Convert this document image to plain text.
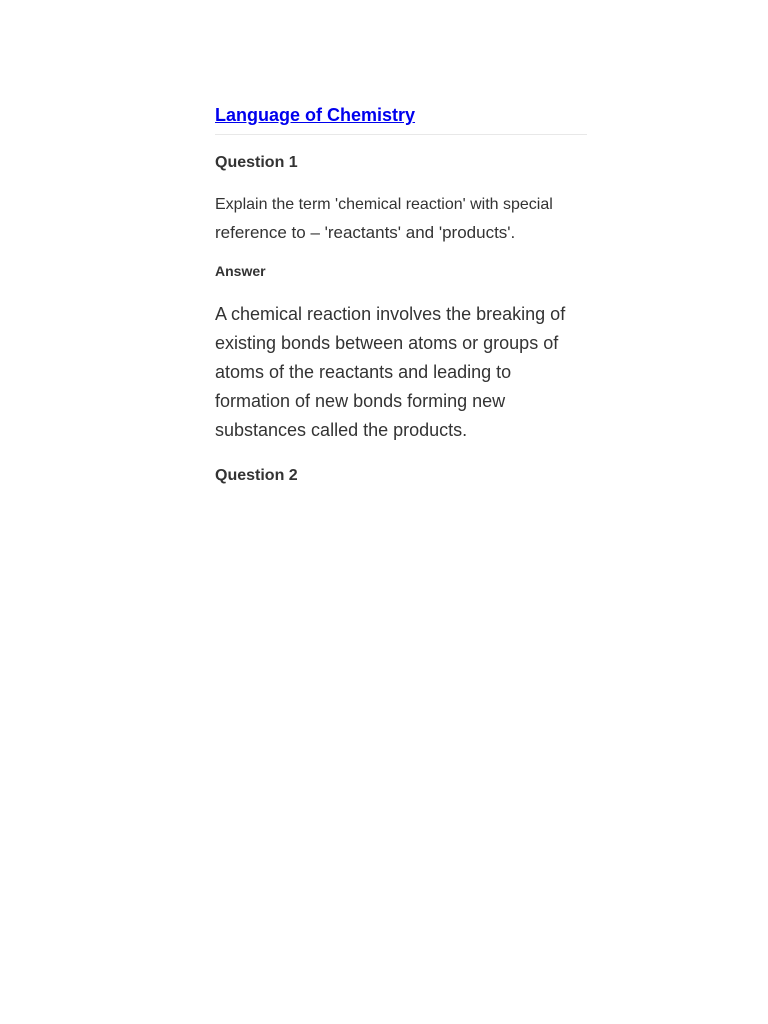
Language of Chemistry
Question 1
Explain the term 'chemical reaction' with special
reference to – 'reactants' and 'products'.
Answer
A chemical reaction involves the breaking of existing bonds between atoms or groups of atoms of the reactants and leading to formation of new bonds forming new substances called the products.
Question 2
